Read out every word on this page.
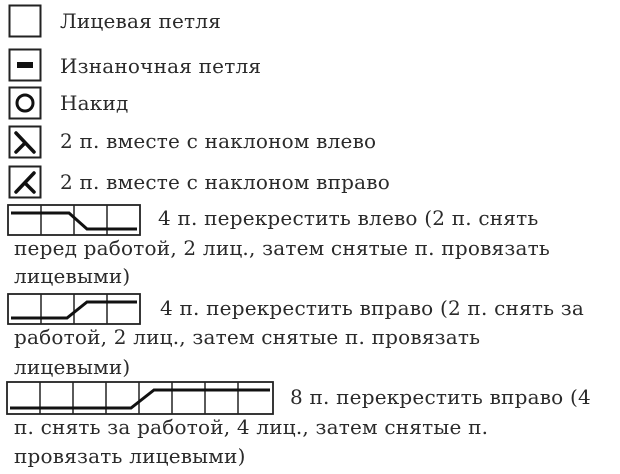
Лицевая петля
Изнаночная петля
Накид
2 п. вместе с наклоном влево
2 п. вместе с наклоном вправо
4 п. перекрестить влево (2 п. снять
перед работой, 2 лиц., затем снятые п. провязать
лицевыми)
4 п. перекрестить вправо (2 п. снять за
работой, 2 лиц., затем снятые п. провязать
лицевыми)
8 п. перекрестить вправо (4
п. снять за работой, 4 лиц., затем снятые п.
провязать лицевыми)
